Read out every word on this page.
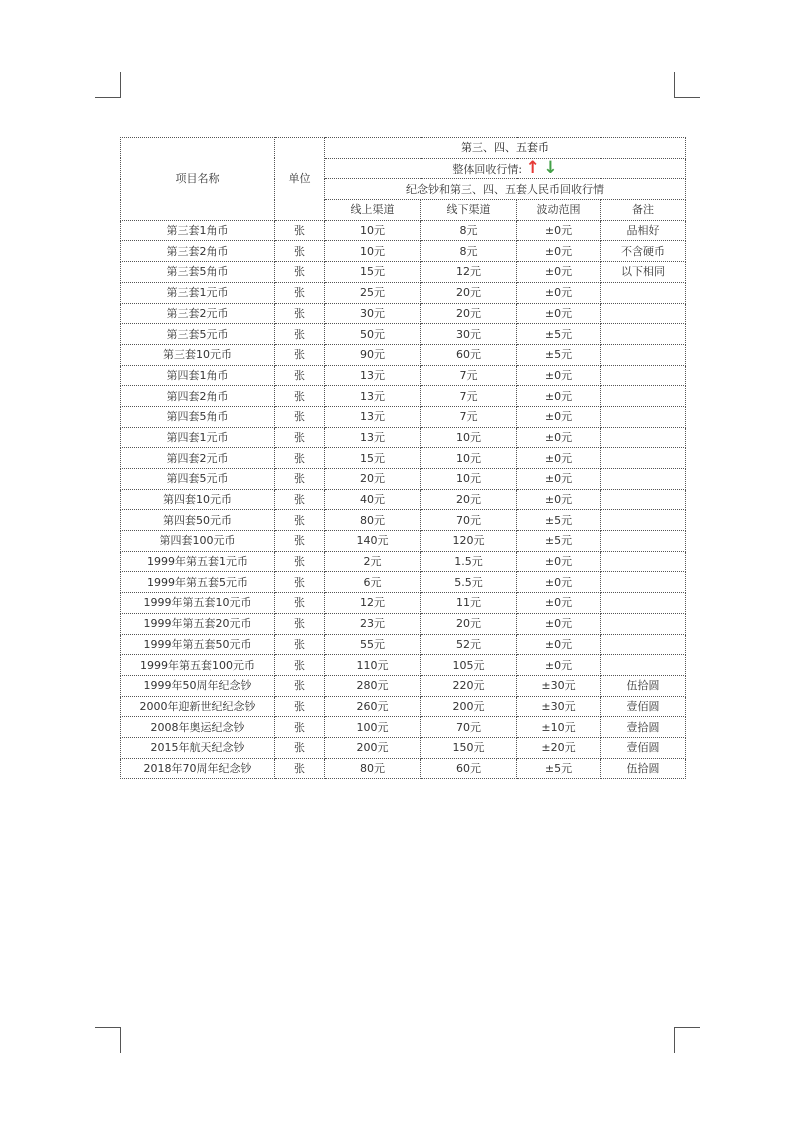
项目名称	单位	第三、四、五套币			
		整体回收行情: ↑ ↓			
		纪念钞和第三、四、五套人民币回收行情			
		线上渠道	线下渠道	波动范围	备注
第三套1角币	张	10元	8元	±0元	品相好
第三套2角币	张	10元	8元	±0元	不含硬币
第三套5角币	张	15元	12元	±0元	以下相同
第三套1元币	张	25元	20元	±0元	
第三套2元币	张	30元	20元	±0元	
第三套5元币	张	50元	30元	±5元	
第三套10元币	张	90元	60元	±5元	
第四套1角币	张	13元	7元	±0元	
第四套2角币	张	13元	7元	±0元	
第四套5角币	张	13元	7元	±0元	
第四套1元币	张	13元	10元	±0元	
第四套2元币	张	15元	10元	±0元	
第四套5元币	张	20元	10元	±0元	
第四套10元币	张	40元	20元	±0元	
第四套50元币	张	80元	70元	±5元	
第四套100元币	张	140元	120元	±5元	
1999年第五套1元币	张	2元	1.5元	±0元	
1999年第五套5元币	张	6元	5.5元	±0元	
1999年第五套10元币	张	12元	11元	±0元	
1999年第五套20元币	张	23元	20元	±0元	
1999年第五套50元币	张	55元	52元	±0元	
1999年第五套100元币	张	110元	105元	±0元	
1999年50周年纪念钞	张	280元	220元	±30元	伍拾圆
2000年迎新世纪纪念钞	张	260元	200元	±30元	壹佰圆
2008年奥运纪念钞	张	100元	70元	±10元	壹拾圆
2015年航天纪念钞	张	200元	150元	±20元	壹佰圆
2018年70周年纪念钞	张	80元	60元	±5元	伍拾圆
